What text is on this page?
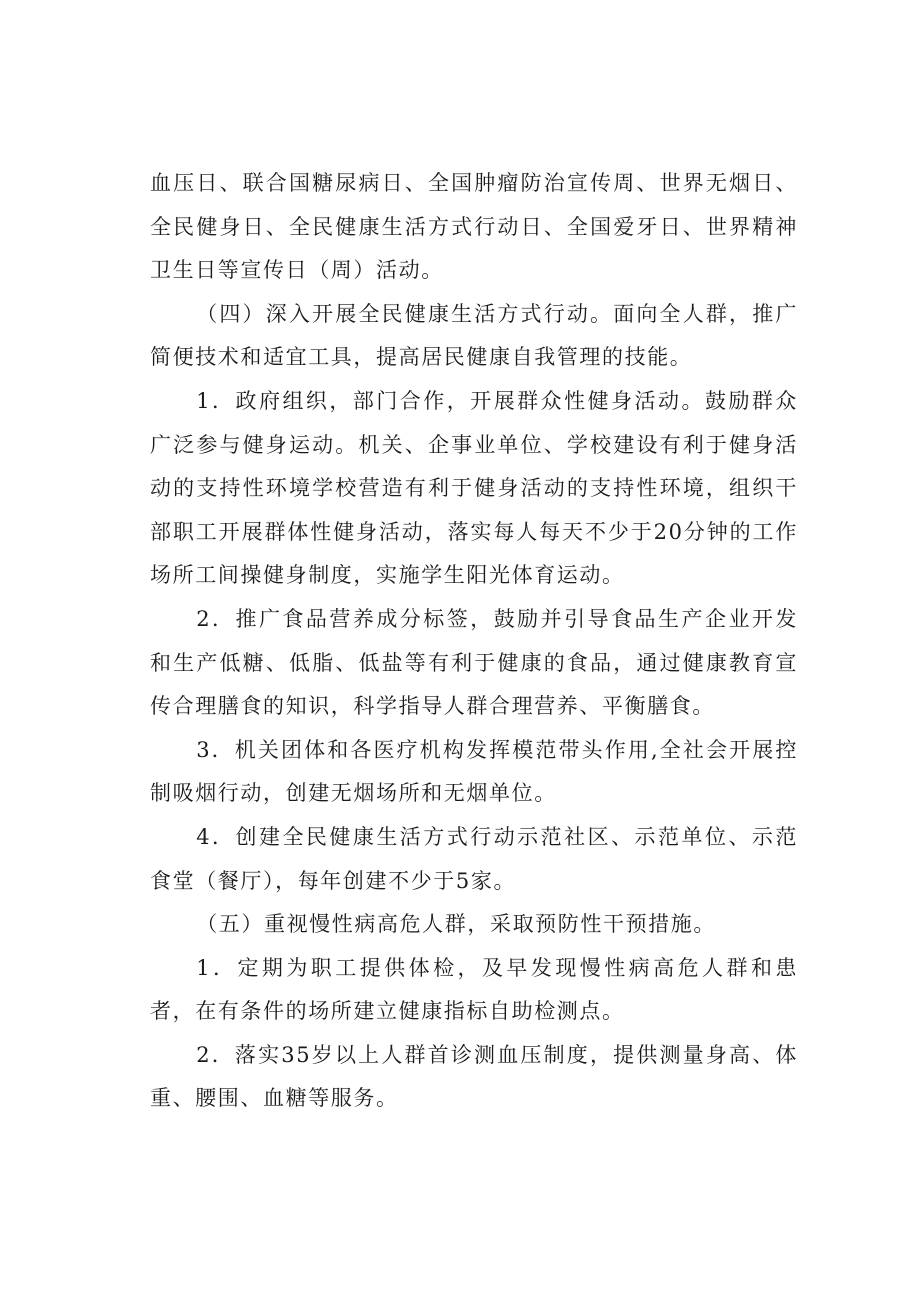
血压日、联合国糖尿病日、全国肿瘤防治宣传周、世界无烟日、全民健身日、全民健康生活方式行动日、全国爱牙日、世界精神卫生日等宣传日（周）活动。

（四）深入开展全民健康生活方式行动。面向全人群，推广简便技术和适宜工具，提高居民健康自我管理的技能。

1．政府组织，部门合作，开展群众性健身活动。鼓励群众广泛参与健身运动。机关、企事业单位、学校建设有利于健身活动的支持性环境学校营造有利于健身活动的支持性环境，组织干部职工开展群体性健身活动，落实每人每天不少于20分钟的工作场所工间操健身制度，实施学生阳光体育运动。

2．推广食品营养成分标签，鼓励并引导食品生产企业开发和生产低糖、低脂、低盐等有利于健康的食品，通过健康教育宣传合理膳食的知识，科学指导人群合理营养、平衡膳食。

3．机关团体和各医疗机构发挥模范带头作用,全社会开展控制吸烟行动，创建无烟场所和无烟单位。

4．创建全民健康生活方式行动示范社区、示范单位、示范食堂（餐厅），每年创建不少于5家。

（五）重视慢性病高危人群，采取预防性干预措施。

1．定期为职工提供体检，及早发现慢性病高危人群和患者，在有条件的场所建立健康指标自助检测点。

2．落实35岁以上人群首诊测血压制度，提供测量身高、体重、腰围、血糖等服务。
